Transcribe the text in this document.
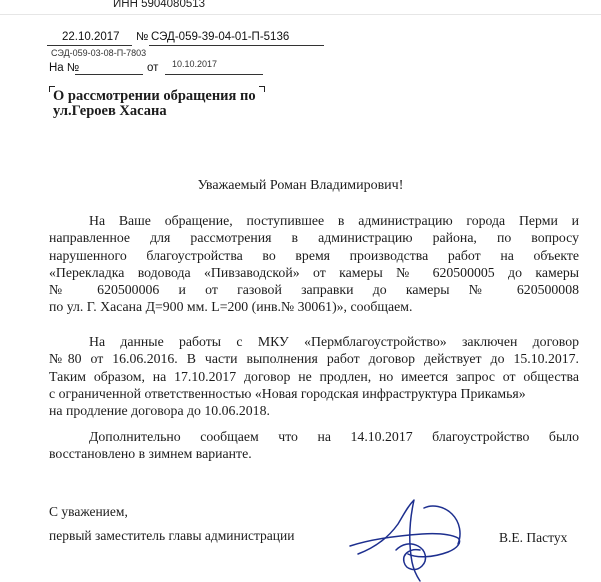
ИНН 5904080513
22.10.2017 № СЭД-059-39-04-01-П-5136
СЭД-059-03-08-П-7803
На №	от 10.10.2017
О рассмотрении обращения по
ул.Героев Хасана
Уважаемый Роман Владимирович!
На Ваше обращение, поступившее в администрацию города Перми и
направленное для рассмотрения в администрацию района, по вопросу
нарушенного благоустройства во время производства работ на объекте
«Перекладка водовода «Пивзаводской» от камеры № 620500005 до камеры
№ 620500006 и от газовой заправки до камеры № 620500008
по ул. Г. Хасана Д=900 мм. L=200 (инв.№ 30061)», сообщаем.
На данные работы с МКУ «Пермблагоустройство» заключен договор
№80 от 16.06.2016. В части выполнения работ договор действует до 15.10.2017.
Таким образом, на 17.10.2017 договор не продлен, но имеется запрос от общества
с ограниченной ответственностью «Новая городская инфраструктура Прикамья»
на продление договора до 10.06.2018.
Дополнительно сообщаем что на 14.10.2017 благоустройство было
восстановлено в зимнем варианте.
С уважением,
первый заместитель главы администрации	В.Е. Пастух
